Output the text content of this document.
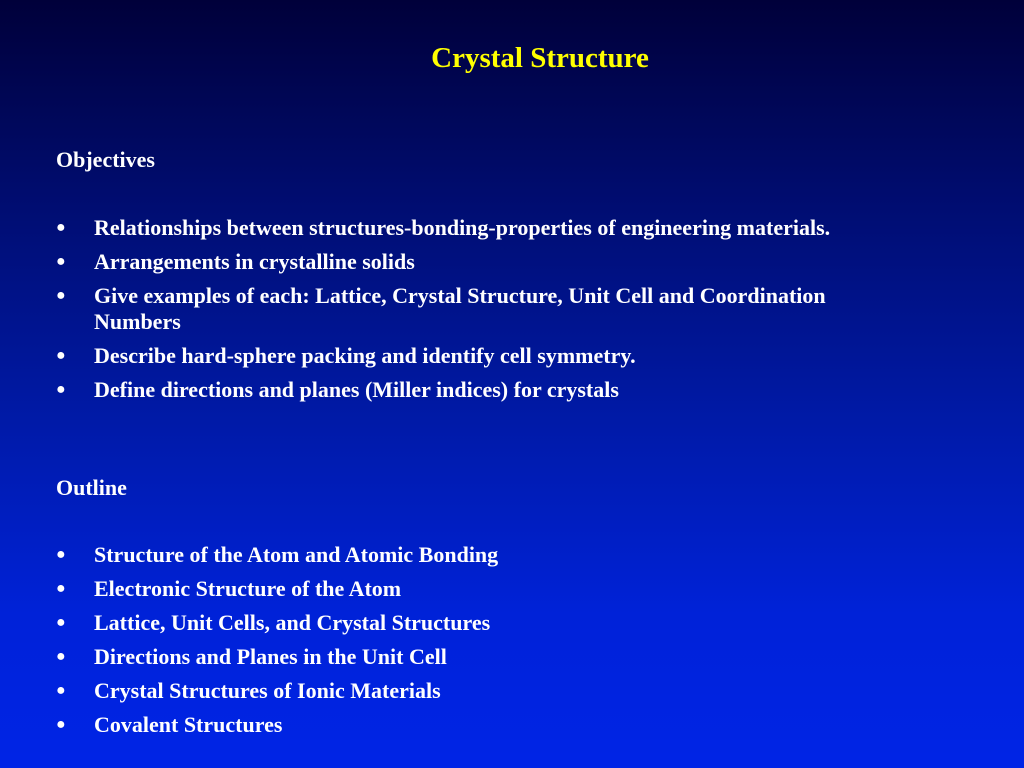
Crystal Structure
Objectives
●	Relationships between structures-bonding-properties of engineering materials.
●	Arrangements in crystalline solids
●	Give examples of each: Lattice, Crystal Structure, Unit Cell and Coordination Numbers
●	Describe hard-sphere packing and identify cell symmetry.
●	Define directions and planes (Miller indices) for crystals
Outline
●	Structure of the Atom and Atomic Bonding
●	Electronic Structure of the Atom
●	Lattice, Unit Cells, and Crystal Structures
●	Directions and Planes in the Unit Cell
●	Crystal Structures of Ionic Materials
●	Covalent Structures
